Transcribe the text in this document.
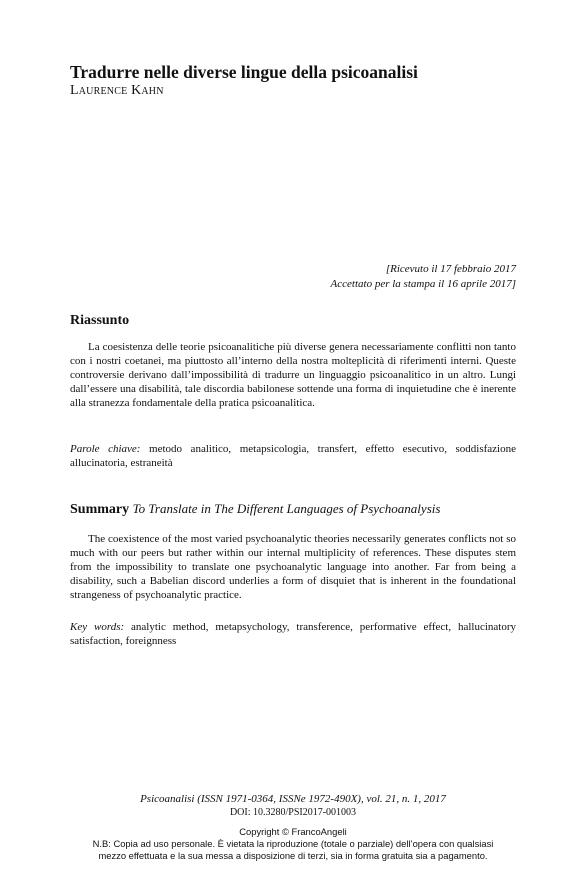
Tradurre nelle diverse lingue della psicoanalisi
Laurence Kahn
[Ricevuto il 17 febbraio 2017
Accettato per la stampa il 16 aprile 2017]
Riassunto

La coesistenza delle teorie psicoanalitiche più diverse genera necessariamente conflitti non tanto con i nostri coetanei, ma piuttosto all’interno della nostra molteplicità di riferimenti interni. Queste controversie derivano dall’impossibilità di tradurre un linguaggio psicoanalitico in un altro. Lungi dall’essere una disabilità, tale discordia babilonese sottende una forma di inquietudine che è inerente alla stranezza fondamentale della pratica psicoanalitica.

Parole chiave: metodo analitico, metapsicologia, transfert, effetto esecutivo, soddisfazione allucinatoria, estraneità

Summary To Translate in The Different Languages of Psychoanalysis

The coexistence of the most varied psychoanalytic theories necessarily generates conflicts not so much with our peers but rather within our internal multiplicity of references. These disputes stem from the impossibility to translate one psychoanalytic language into another. Far from being a disability, such a Babelian discord underlies a form of disquiet that is inherent in the foundational strangeness of psychoanalytic practice.

Key words: analytic method, metapsychology, transference, performative effect, hallucinatory satisfaction, foreignness

Psicoanalisi (ISSN 1971-0364, ISSNe 1972-490X), vol. 21, n. 1, 2017
DOI: 10.3280/PSI2017-001003
Copyright © FrancoAngeli
N.B: Copia ad uso personale. È vietata la riproduzione (totale o parziale) dell’opera con qualsiasi
mezzo effettuata e la sua messa a disposizione di terzi, sia in forma gratuita sia a pagamento.
